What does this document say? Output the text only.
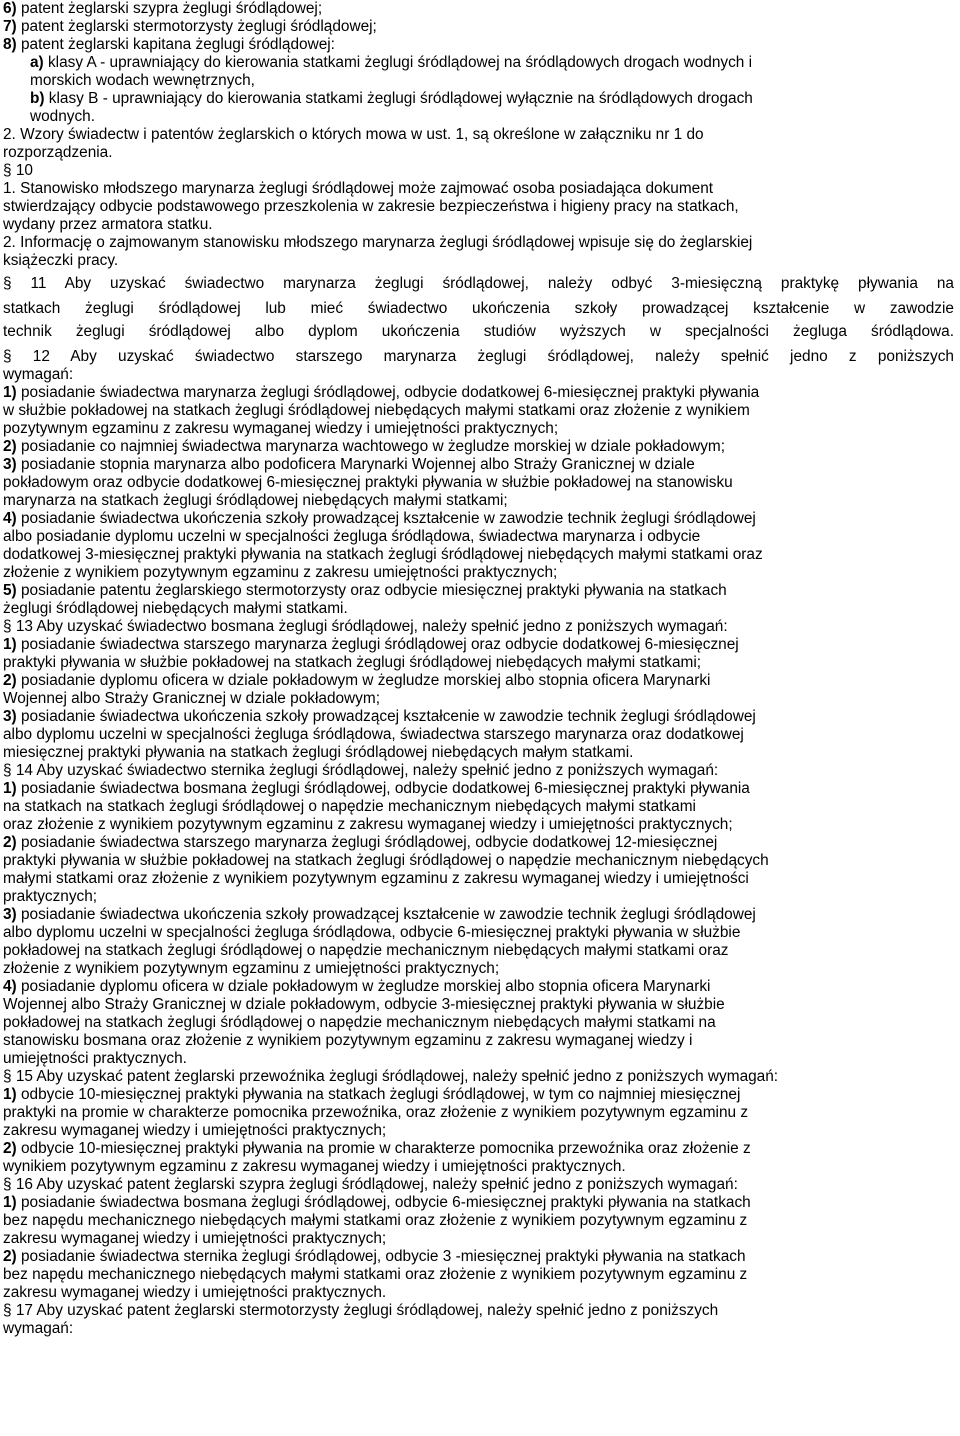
6) patent żeglarski szypra żeglugi śródlądowej;
7) patent żeglarski stermotorzysty żeglugi śródlądowej;
8) patent żeglarski kapitana żeglugi śródlądowej:
a) klasy A - uprawniający do kierowania statkami żeglugi śródlądowej na śródlądowych drogach wodnych i
morskich wodach wewnętrznych,
b) klasy B - uprawniający do kierowania statkami żeglugi śródlądowej wyłącznie na śródlądowych drogach
wodnych.
2. Wzory świadectw i patentów żeglarskich o których mowa w ust. 1, są określone w załączniku nr 1 do
rozporządzenia.
§ 10
1. Stanowisko młodszego marynarza żeglugi śródlądowej może zajmować osoba posiadająca dokument
stwierdzający odbycie podstawowego przeszkolenia w zakresie bezpieczeństwa i higieny pracy na statkach,
wydany przez armatora statku.
2. Informację o zajmowanym stanowisku młodszego marynarza żeglugi śródlądowej wpisuje się do żeglarskiej
książeczki pracy.
§ 11 Aby uzyskać świadectwo marynarza żeglugi śródlądowej, należy odbyć 3-miesięczną praktykę pływania na
statkach żeglugi śródlądowej lub mieć świadectwo ukończenia szkoły prowadzącej kształcenie w zawodzie
technik żeglugi śródlądowej albo dyplom ukończenia studiów wyższych w specjalności żegluga śródlądowa.
§ 12 Aby uzyskać świadectwo starszego marynarza żeglugi śródlądowej, należy spełnić jedno z poniższych
wymagań:
1) posiadanie świadectwa marynarza żeglugi śródlądowej, odbycie dodatkowej 6-miesięcznej praktyki pływania
w służbie pokładowej na statkach żeglugi śródlądowej niebędących małymi statkami oraz złożenie z wynikiem
pozytywnym egzaminu z zakresu wymaganej wiedzy i umiejętności praktycznych;
2) posiadanie co najmniej świadectwa marynarza wachtowego w żegludze morskiej w dziale pokładowym;
3) posiadanie stopnia marynarza albo podoficera Marynarki Wojennej albo Straży Granicznej w dziale
pokładowym oraz odbycie dodatkowej 6-miesięcznej praktyki pływania w służbie pokładowej na stanowisku
marynarza na statkach żeglugi śródlądowej niebędących małymi statkami;
4) posiadanie świadectwa ukończenia szkoły prowadzącej kształcenie w zawodzie technik żeglugi śródlądowej
albo posiadanie dyplomu uczelni w specjalności żegluga śródlądowa, świadectwa marynarza i odbycie
dodatkowej 3-miesięcznej praktyki pływania na statkach żeglugi śródlądowej niebędących małymi statkami oraz
złożenie z wynikiem pozytywnym egzaminu z zakresu umiejętności praktycznych;
5) posiadanie patentu żeglarskiego stermotorzysty oraz odbycie miesięcznej praktyki pływania na statkach
żeglugi śródlądowej niebędących małymi statkami.
§ 13 Aby uzyskać świadectwo bosmana żeglugi śródlądowej, należy spełnić jedno z poniższych wymagań:
1) posiadanie świadectwa starszego marynarza żeglugi śródlądowej oraz odbycie dodatkowej 6-miesięcznej
praktyki pływania w służbie pokładowej na statkach żeglugi śródlądowej niebędących małymi statkami;
2) posiadanie dyplomu oficera w dziale pokładowym w żegludze morskiej albo stopnia oficera Marynarki
Wojennej albo Straży Granicznej w dziale pokładowym;
3) posiadanie świadectwa ukończenia szkoły prowadzącej kształcenie w zawodzie technik żeglugi śródlądowej
albo dyplomu uczelni w specjalności żegluga śródlądowa, świadectwa starszego marynarza oraz dodatkowej
miesięcznej praktyki pływania na statkach żeglugi śródlądowej niebędących małym statkami.
§ 14 Aby uzyskać świadectwo sternika żeglugi śródlądowej, należy spełnić jedno z poniższych wymagań:
1) posiadanie świadectwa bosmana żeglugi śródlądowej, odbycie dodatkowej 6-miesięcznej praktyki pływania
na statkach na statkach żeglugi śródlądowej o napędzie mechanicznym niebędących małymi statkami
oraz złożenie z wynikiem pozytywnym egzaminu z zakresu wymaganej wiedzy i umiejętności praktycznych;
2) posiadanie świadectwa starszego marynarza żeglugi śródlądowej, odbycie dodatkowej 12-miesięcznej
praktyki pływania w służbie pokładowej na statkach żeglugi śródlądowej o napędzie mechanicznym niebędących
małymi statkami oraz złożenie z wynikiem pozytywnym egzaminu z zakresu wymaganej wiedzy i umiejętności
praktycznych;
3) posiadanie świadectwa ukończenia szkoły prowadzącej kształcenie w zawodzie technik żeglugi śródlądowej
albo dyplomu uczelni w specjalności żegluga śródlądowa, odbycie 6-miesięcznej praktyki pływania w służbie
pokładowej na statkach żeglugi śródlądowej o napędzie mechanicznym niebędących małymi statkami oraz
złożenie z wynikiem pozytywnym egzaminu z umiejętności praktycznych;
4) posiadanie dyplomu oficera w dziale pokładowym w żegludze morskiej albo stopnia oficera Marynarki
Wojennej albo Straży Granicznej w dziale pokładowym, odbycie 3-miesięcznej praktyki pływania w służbie
pokładowej na statkach żeglugi śródlądowej o napędzie mechanicznym niebędących małymi statkami na
stanowisku bosmana oraz złożenie z wynikiem pozytywnym egzaminu z zakresu wymaganej wiedzy i
umiejętności praktycznych.
§ 15 Aby uzyskać patent żeglarski przewoźnika żeglugi śródlądowej, należy spełnić jedno z poniższych wymagań:
1) odbycie 10-miesięcznej praktyki pływania na statkach żeglugi śródlądowej, w tym co najmniej miesięcznej
praktyki na promie w charakterze pomocnika przewoźnika, oraz złożenie z wynikiem pozytywnym egzaminu z
zakresu wymaganej wiedzy i umiejętności praktycznych;
2) odbycie 10-miesięcznej praktyki pływania na promie w charakterze pomocnika przewoźnika oraz złożenie z
wynikiem pozytywnym egzaminu z zakresu wymaganej wiedzy i umiejętności praktycznych.
§ 16 Aby uzyskać patent żeglarski szypra żeglugi śródlądowej, należy spełnić jedno z poniższych wymagań:
1) posiadanie świadectwa bosmana żeglugi śródlądowej, odbycie 6-miesięcznej praktyki pływania na statkach
bez napędu mechanicznego niebędących małymi statkami oraz złożenie z wynikiem pozytywnym egzaminu z
zakresu wymaganej wiedzy i umiejętności praktycznych;
2) posiadanie świadectwa sternika żeglugi śródlądowej, odbycie 3 -miesięcznej praktyki pływania na statkach
bez napędu mechanicznego niebędących małymi statkami oraz złożenie z wynikiem pozytywnym egzaminu z
zakresu wymaganej wiedzy i umiejętności praktycznych.
§ 17 Aby uzyskać patent żeglarski stermotorzysty żeglugi śródlądowej, należy spełnić jedno z poniższych
wymagań:
